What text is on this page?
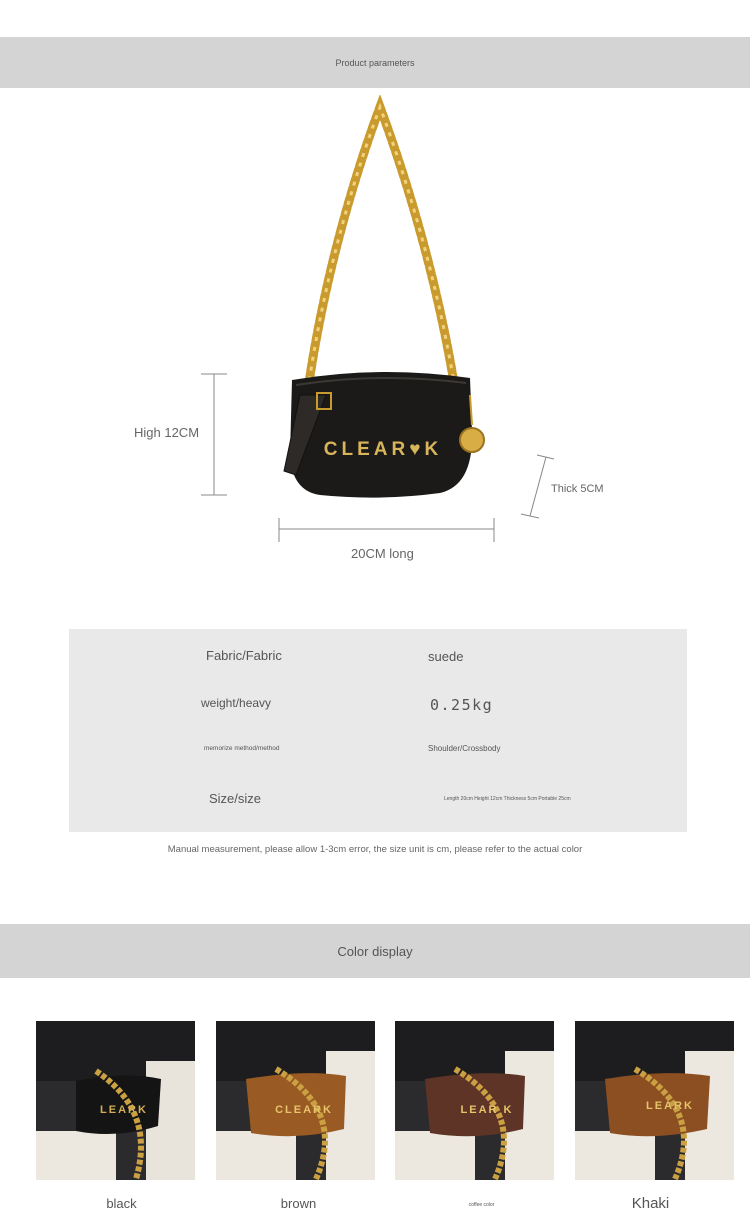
Product parameters
CLEAR♥K
High 12CM
20CM long
Thick 5CM
Fabric/Fabric	suede
weight/heavy	0.25kg
memorize method/method	Shoulder/Crossbody
Size/size	Length 20cm Height 12cm Thickness 5cm Portable 25cm
Manual measurement, please allow 1-3cm error, the size unit is cm, please refer to the actual color
Color display
LEARK	CLEARK	LEAR K	LEARK
black	brown	coffee color	Khaki
